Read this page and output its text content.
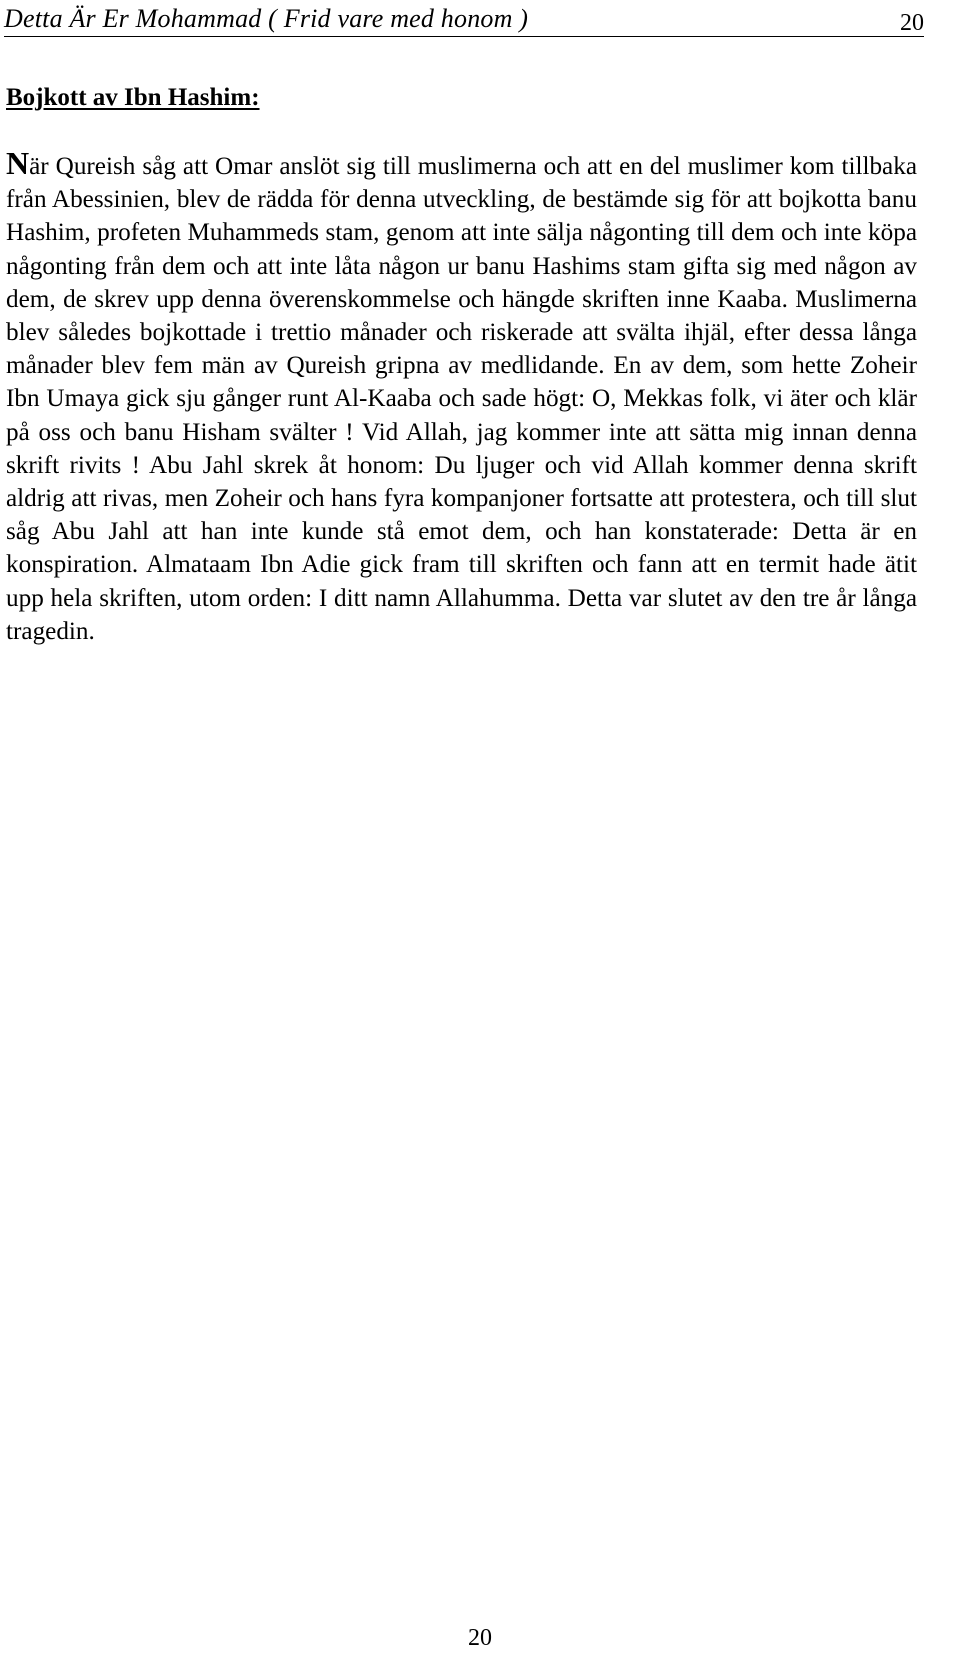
Detta Är Er Mohammad ( Frid vare med honom )	20
Bojkott av Ibn Hashim:

När Qureish såg att Omar anslöt sig till muslimerna och att en del muslimer kom tillbaka från Abessinien, blev de rädda för denna utveckling, de bestämde sig för att bojkotta banu Hashim, profeten Muhammeds stam, genom att inte sälja någonting till dem och inte köpa någonting från dem och att inte låta någon ur banu Hashims stam gifta sig med någon av dem, de skrev upp denna överenskommelse och hängde skriften inne Kaaba. Muslimerna blev således bojkottade i trettio månader och riskerade att svälta ihjäl, efter dessa långa månader blev fem män av Qureish gripna av medlidande. En av dem, som hette Zoheir Ibn Umaya gick sju gånger runt Al-Kaaba och sade högt: O, Mekkas folk, vi äter och klär på oss och banu Hisham svälter ! Vid Allah, jag kommer inte att sätta mig innan denna skrift rivits ! Abu Jahl skrek åt honom: Du ljuger och vid Allah kommer denna skrift aldrig att rivas, men Zoheir och hans fyra kompanjoner fortsatte att protestera, och till slut såg Abu Jahl att han inte kunde stå emot dem, och han konstaterade: Detta är en konspiration. Almataam Ibn Adie gick fram till skriften och fann att en termit hade ätit upp hela skriften, utom orden: I ditt namn Allahumma. Detta var slutet av den tre år långa tragedin.

20
